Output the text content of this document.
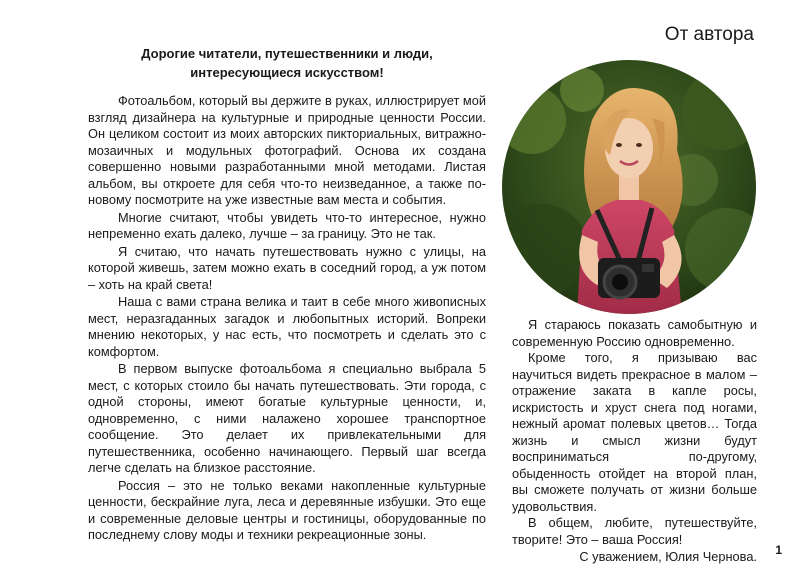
От автора
Дорогие читатели, путешественники и люди,
интересующиеся искусством!

Фотоальбом, который вы держите в руках, иллюстрирует мой взгляд дизайнера на культурные и природные ценности России. Он целиком состоит из моих авторских пикториальных, витражно-мозаичных и модульных фотографий. Основа их создана совершенно новыми разработанными мной методами. Листая альбом, вы откроете для себя что-то неизведанное, а также по-новому посмотрите на уже известные вам места и события.

Многие считают, чтобы увидеть что-то интересное, нужно непременно ехать далеко, лучше – за границу. Это не так.

Я считаю, что начать путешествовать нужно с улицы, на которой живешь, затем можно ехать в соседний город, а уж потом – хоть на край света!

Наша с вами страна велика и таит в себе много живописных мест, неразгаданных загадок и любопытных историй. Вопреки мнению некоторых, у нас есть, что посмотреть и сделать это с комфортом.

В первом выпуске фотоальбома я специально выбрала 5 мест, с которых стоило бы начать путешествовать. Эти города, с одной стороны, имеют богатые культурные ценности, и, одновременно, с ними налажено хорошее транспортное сообщение. Это делает их привлекательными для путешественника, особенно начинающего. Первый шаг всегда легче сделать на близкое расстояние.

Россия – это не только веками накопленные культурные ценности, бескрайние луга, леса и деревянные избушки. Это еще и современные деловые центры и гостиницы, оборудованные по последнему слову моды и техники рекреационные зоны.

Я стараюсь показать самобытную и современную Россию одновременно.

Кроме того, я призываю вас научиться видеть прекрасное в малом – отражение заката в капле росы, искристость и хруст снега под ногами, нежный аромат полевых цветов… Тогда жизнь и смысл жизни будут восприниматься по-другому, обыденность отойдет на второй план, вы сможете получать от жизни больше удовольствия.

В общем, любите, путешествуйте, творите! Это – ваша Россия!

С уважением, Юлия Чернова. 1
